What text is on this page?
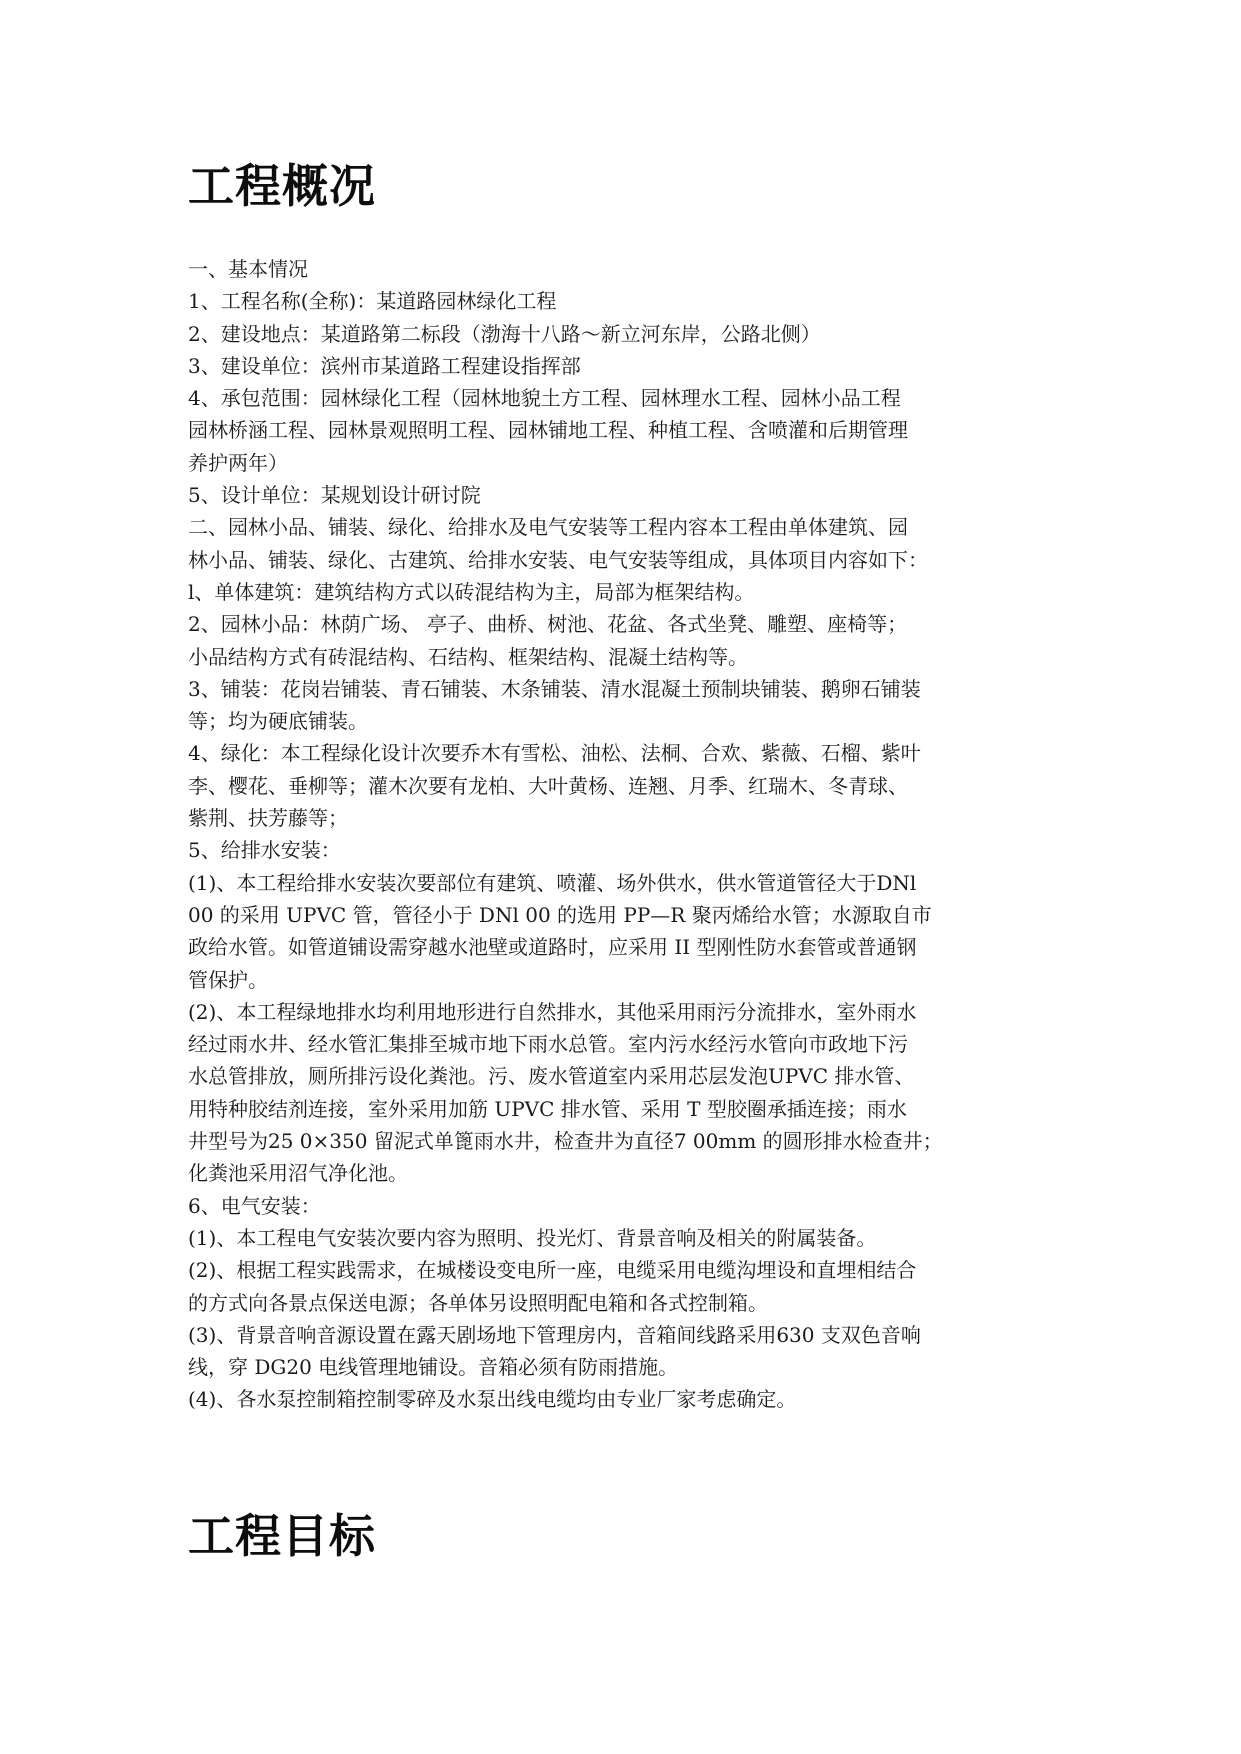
工程概况
一、基本情况
1、工程名称(全称)：某道路园林绿化工程
2、建设地点：某道路第二标段（渤海十八路～新立河东岸，公路北侧）
3、建设单位：滨州市某道路工程建设指挥部
4、承包范围：园林绿化工程（园林地貌土方工程、园林理水工程、园林小品工程
园林桥涵工程、园林景观照明工程、园林铺地工程、种植工程、含喷灌和后期管理
养护两年）
5、设计单位：某规划设计研讨院
二、园林小品、铺装、绿化、给排水及电气安装等工程内容本工程由单体建筑、园
林小品、铺装、绿化、古建筑、给排水安装、电气安装等组成，具体项目内容如下：
l、单体建筑：建筑结构方式以砖混结构为主，局部为框架结构。
2、园林小品：林荫广场、 亭子、曲桥、树池、花盆、各式坐凳、雕塑、座椅等；
小品结构方式有砖混结构、石结构、框架结构、混凝土结构等。
3、铺装：花岗岩铺装、青石铺装、木条铺装、清水混凝土预制块铺装、鹅卵石铺装
等；均为硬底铺装。
4、绿化：本工程绿化设计次要乔木有雪松、油松、法桐、合欢、紫薇、石榴、紫叶
李、樱花、垂柳等；灌木次要有龙柏、大叶黄杨、连翘、月季、红瑞木、冬青球、
紫荆、扶芳藤等；
5、给排水安装：
(1)、本工程给排水安装次要部位有建筑、喷灌、场外供水，供水管道管径大于DNl
00 的采用 UPVC 管，管径小于 DNl 00 的选用 PP—R 聚丙烯给水管；水源取自市
政给水管。如管道铺设需穿越水池壁或道路时，应采用 II 型刚性防水套管或普通钢
管保护。
(2)、本工程绿地排水均利用地形进行自然排水，其他采用雨污分流排水，室外雨水
经过雨水井、经水管汇集排至城市地下雨水总管。室内污水经污水管向市政地下污
水总管排放，厕所排污设化粪池。污、废水管道室内采用芯层发泡UPVC 排水管、
用特种胶结剂连接，室外采用加筋 UPVC 排水管、采用 T 型胶圈承插连接；雨水
井型号为25 0×350 留泥式单篦雨水井，检查井为直径7 00mm 的圆形排水检查井；
化粪池采用沼气净化池。
6、电气安装：
(1)、本工程电气安装次要内容为照明、投光灯、背景音响及相关的附属装备。
(2)、根据工程实践需求，在城楼设变电所一座，电缆采用电缆沟埋设和直埋相结合
的方式向各景点保送电源；各单体另设照明配电箱和各式控制箱。
(3)、背景音响音源设置在露天剧场地下管理房内，音箱间线路采用630 支双色音响
线，穿 DG20 电线管理地铺设。音箱必须有防雨措施。
(4)、各水泵控制箱控制零碎及水泵出线电缆均由专业厂家考虑确定。
工程目标
